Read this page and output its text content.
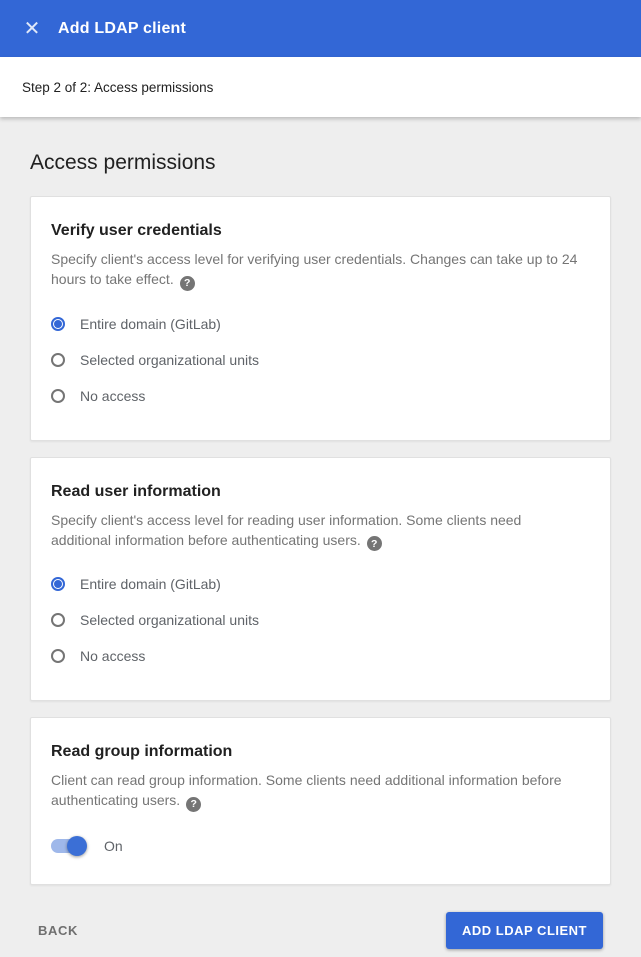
✕ Add LDAP client
Step 2 of 2: Access permissions
Access permissions
Verify user credentials

Specify client's access level for verifying user credentials. Changes can take up to 24 hours to take effect. ?

Entire domain (GitLab)
Selected organizational units
No access
Read user information

Specify client's access level for reading user information. Some clients need additional information before authenticating users. ?

Entire domain (GitLab)
Selected organizational units
No access
Read group information

Client can read group information. Some clients need additional information before authenticating users. ?

On
BACK	ADD LDAP CLIENT
